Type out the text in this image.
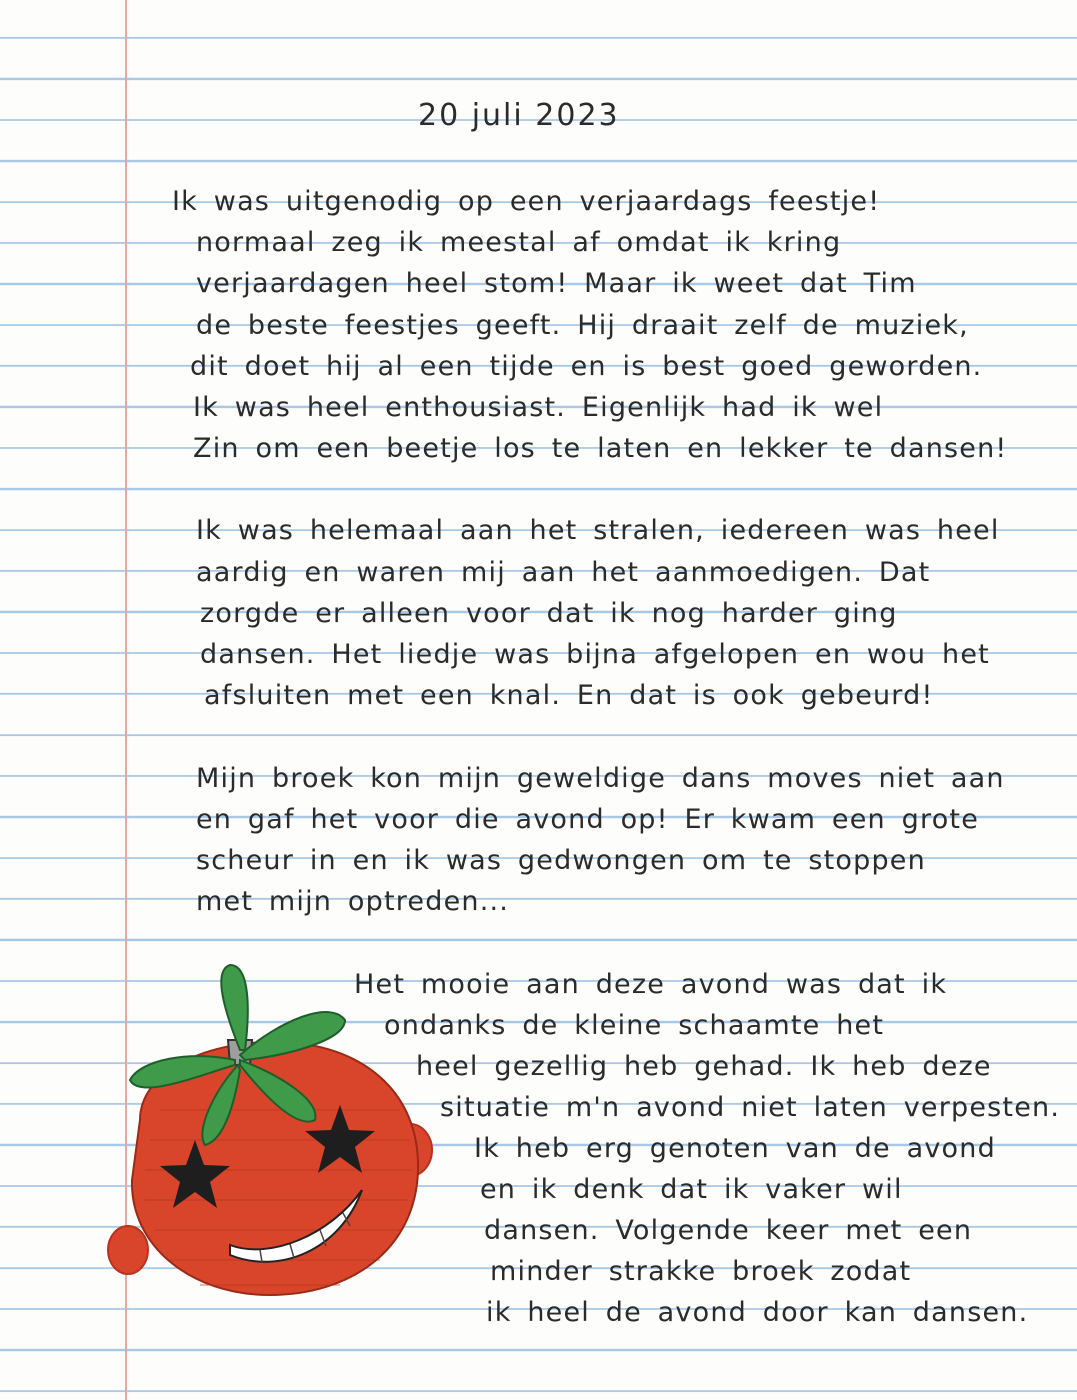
20 juli 2023
Ik was uitgenodig op een verjaardags feestje!
normaal zeg ik meestal af omdat ik kring
verjaardagen heel stom! Maar ik weet dat Tim
de beste feestjes geeft. Hij draait zelf de muziek,
dit doet hij al een tijde en is best goed geworden.
Ik was heel enthousiast. Eigenlijk had ik wel
Zin om een beetje los te laten en lekker te dansen!
Ik was helemaal aan het stralen, iedereen was heel
aardig en waren mij aan het aanmoedigen. Dat
zorgde er alleen voor dat ik nog harder ging
dansen. Het liedje was bijna afgelopen en wou het
afsluiten met een knal. En dat is ook gebeurd!
Mijn broek kon mijn geweldige dans moves niet aan
en gaf het voor die avond op! Er kwam een grote
scheur in en ik was gedwongen om te stoppen
met mijn optreden...
Het mooie aan deze avond was dat ik
ondanks de kleine schaamte het
heel gezellig heb gehad. Ik heb deze
situatie m'n avond niet laten verpesten.
Ik heb erg genoten van de avond
en ik denk dat ik vaker wil
dansen. Volgende keer met een
minder strakke broek zodat
ik heel de avond door kan dansen.
